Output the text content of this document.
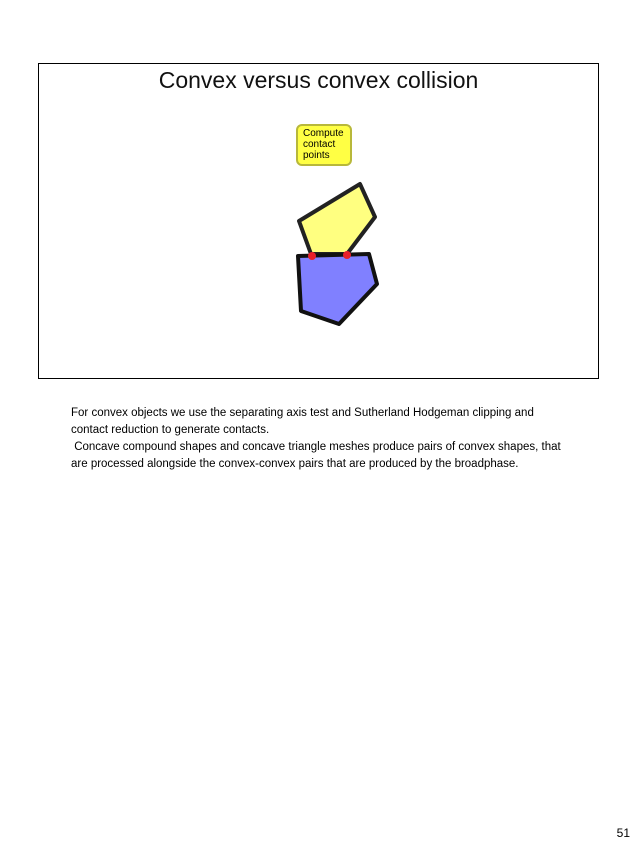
Convex versus convex collision
Compute
contact
points

For convex objects we use the separating axis test and Sutherland Hodgeman clipping and contact reduction to generate contacts.

Concave compound shapes and concave triangle meshes produce pairs of convex shapes, that are processed alongside the convex-convex pairs that are produced by the broadphase.

51
